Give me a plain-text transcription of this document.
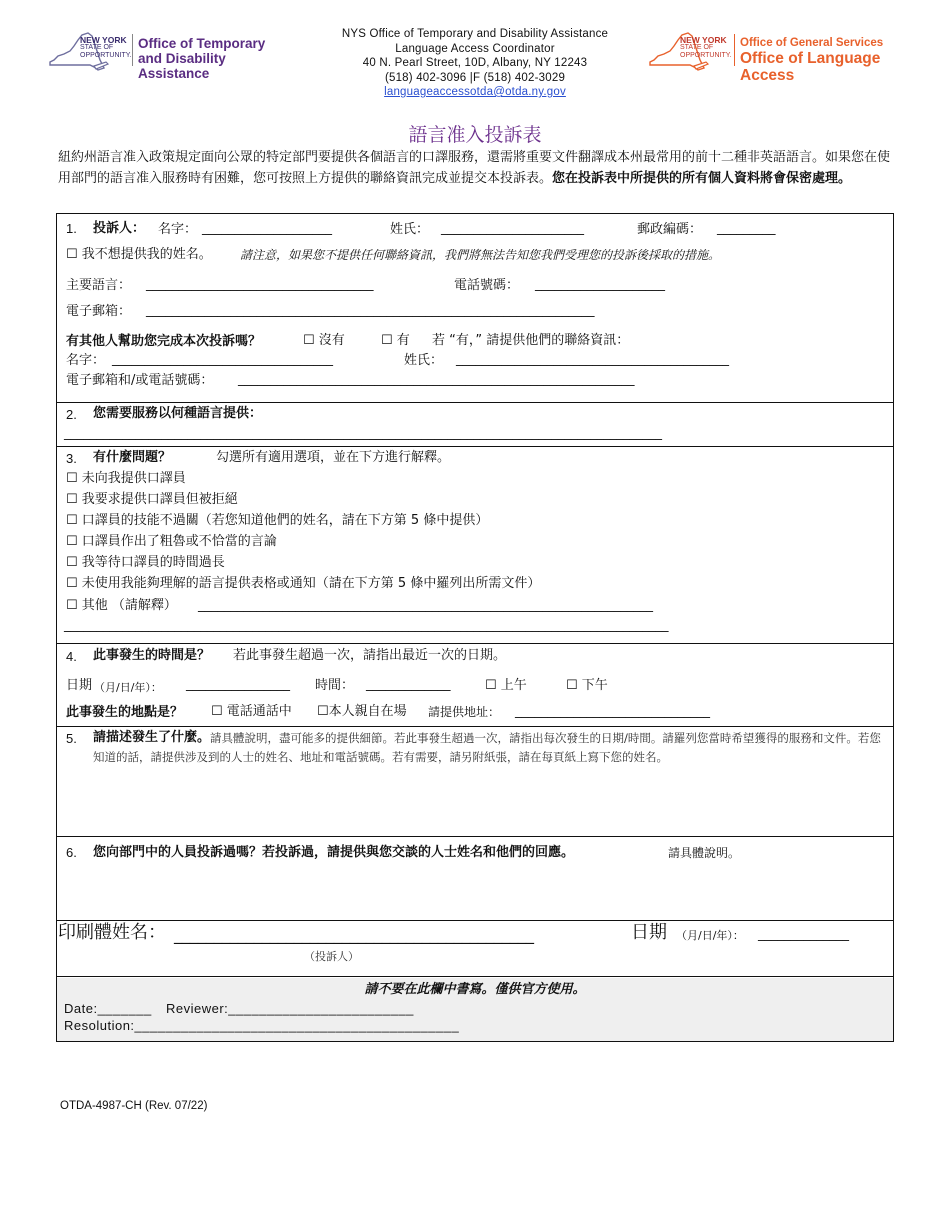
NEW YORK
STATE OF
OPPORTUNITY.
Office of Temporary
and Disability Assistance
NYS Office of Temporary and Disability Assistance
Language Access Coordinator
40 N. Pearl Street, 10D, Albany, NY 12243
(518) 402-3096 |F (518) 402-3029
languageaccessotda@otda.ny.gov
NEW YORK
STATE OF
OPPORTUNITY.
Office of General Services
Office of Language Access
語言准入投訴表
紐約州語言准入政策規定面向公眾的特定部門要提供各個語言的口譯服務，還需將重要文件翻譯成本州最常用的前十二種非英語語言。如果您在使用部門的語言准入服務時有困難，您可按照上方提供的聯絡資訊完成並提交本投訴表。您在投訴表中所提供的所有個人資料將會保密處理。
1. 投訴人： 名字： ____________________	姓氏： ______________________	郵政編碼： _________
☐ 我不想提供我的姓名。 請注意，如果您不提供任何聯絡資訊，我們將無法告知您我們受理您的投訴後採取的措施。
主要語言： ___________________________________	電話號碼： ____________________
電子郵箱： _____________________________________________________________________
有其他人幫助您完成本次投訴嗎？	☐ 沒有	☐ 有 若 “有，” 請提供他們的聯絡資訊：
名字： __________________________________	姓氏： __________________________________________
電子郵箱和/或電話號碼： _____________________________________________________________
2. 您需要服務以何種語言提供：
____________________________________________________________________________________________
3. 有什麼問題？	勾選所有適用選項，並在下方進行解釋。
☐ 未向我提供口譯員
☐ 我要求提供口譯員但被拒絕
☐ 口譯員的技能不過關（若您知道他們的姓名，請在下方第 5 條中提供）
☐ 口譯員作出了粗魯或不恰當的言論
☐ 我等待口譯員的時間過長
☐ 未使用我能夠理解的語言提供表格或通知（請在下方第 5 條中羅列出所需文件）
☐ 其他 （請解釋） ______________________________________________________________________
_____________________________________________________________________________________________
4. 此事發生的時間是？ 若此事發生超過一次，請指出最近一次的日期。
日期 （月/日/年）： ________________ 時間： _____________	☐ 上午	☐ 下午
此事發生的地點是？ ☐ 電話通話中 ☐本人親自在場 請提供地址： ______________________________
5. 請描述發生了什麼。 請具體說明，盡可能多的提供細節。若此事發生超過一次，請指出每次發生的日期/時間。請羅列您當時希望獲得的服務和文件。若您知道的話，請提供涉及到的人士的姓名、地址和電話號碼。若有需要，請另附紙張，請在每頁紙上寫下您的姓名。
6. 您向部門中的人員投訴過嗎？若投訴過，請提供與您交談的人士姓名和他們的回應。	請具體說明。
印刷體姓名： _____________________________________________	日期 （月/日/年）： ______________
（投訴人）
請不要在此欄中書寫。僅供官方使用。
Date:_______ Reviewer:________________________
Resolution:__________________________________________
OTDA-4987-CH (Rev. 07/22)
